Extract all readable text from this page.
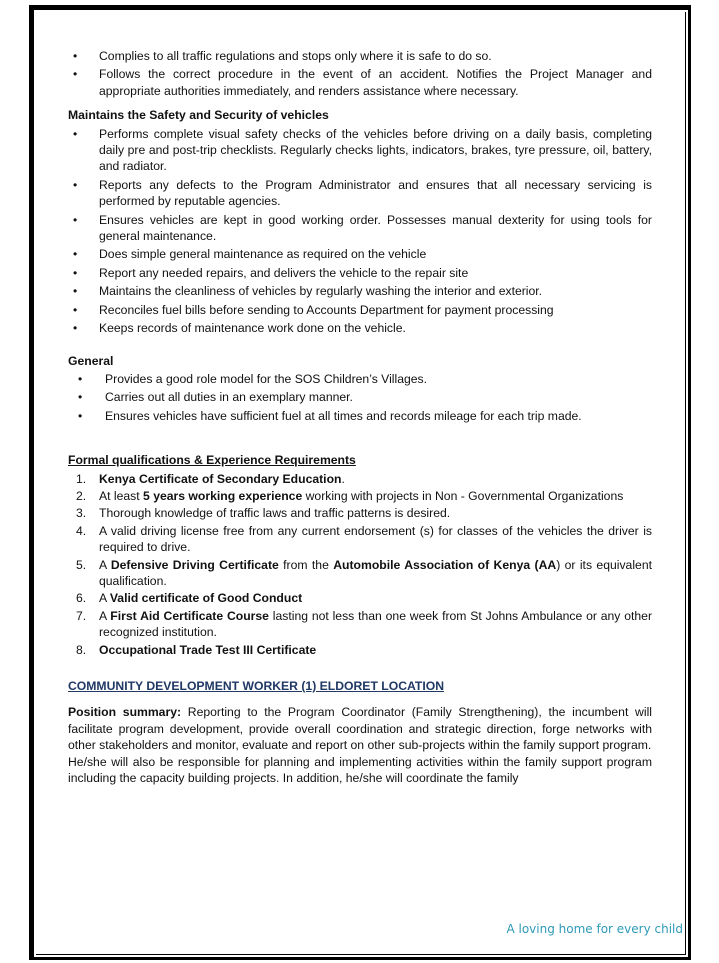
• Complies to all traffic regulations and stops only where it is safe to do so.
• Follows the correct procedure in the event of an accident. Notifies the Project Manager and appropriate authorities immediately, and renders assistance where necessary.
Maintains the Safety and Security of vehicles
• Performs complete visual safety checks of the vehicles before driving on a daily basis, completing daily pre and post-trip checklists. Regularly checks lights, indicators, brakes, tyre pressure, oil, battery, and radiator.
• Reports any defects to the Program Administrator and ensures that all necessary servicing is performed by reputable agencies.
• Ensures vehicles are kept in good working order. Possesses manual dexterity for using tools for general maintenance.
• Does simple general maintenance as required on the vehicle
• Report any needed repairs, and delivers the vehicle to the repair site
• Maintains the cleanliness of vehicles by regularly washing the interior and exterior.
• Reconciles fuel bills before sending to Accounts Department for payment processing
• Keeps records of maintenance work done on the vehicle.
General
• Provides a good role model for the SOS Children’s Villages.
• Carries out all duties in an exemplary manner.
• Ensures vehicles have sufficient fuel at all times and records mileage for each trip made.
Formal qualifications & Experience Requirements
1. Kenya Certificate of Secondary Education.
2. At least 5 years working experience working with projects in Non - Governmental Organizations
3. Thorough knowledge of traffic laws and traffic patterns is desired.
4. A valid driving license free from any current endorsement (s) for classes of the vehicles the driver is required to drive.
5. A Defensive Driving Certificate from the Automobile Association of Kenya (AA) or its equivalent qualification.
6. A Valid certificate of Good Conduct
7. A First Aid Certificate Course lasting not less than one week from St Johns Ambulance or any other recognized institution.
8. Occupational Trade Test III Certificate
COMMUNITY DEVELOPMENT WORKER (1) ELDORET LOCATION

Position summary: Reporting to the Program Coordinator (Family Strengthening), the incumbent will facilitate program development, provide overall coordination and strategic direction, forge networks with other stakeholders and monitor, evaluate and report on other sub-projects within the family support program.

He/she will also be responsible for planning and implementing activities within the family support program including the capacity building projects. In addition, he/she will coordinate the family

A loving home for every child
